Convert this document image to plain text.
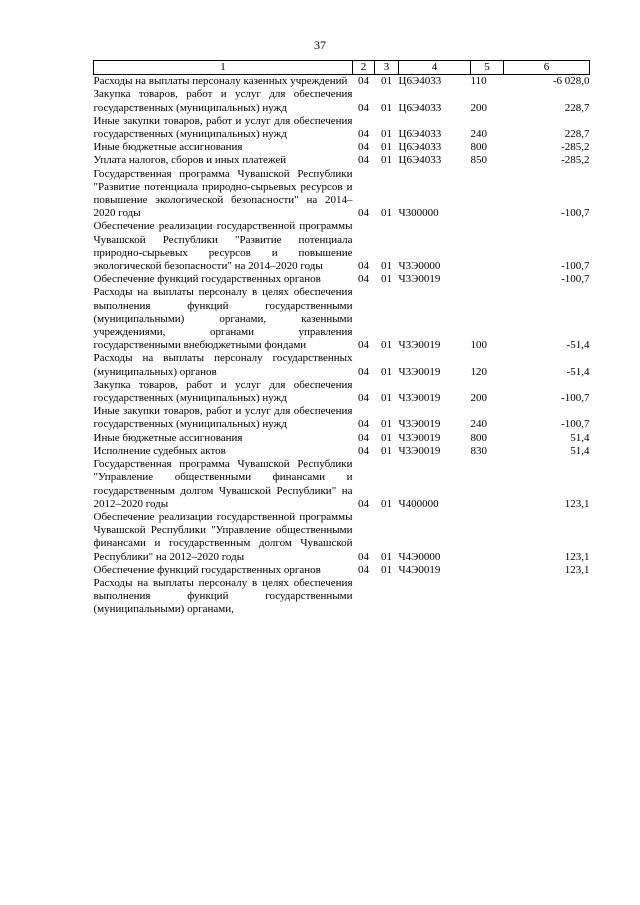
37
1	2	3	4	5	6
Расходы на выплаты персоналу казенных учреждений	04	01	Ц6Э4033	110	-6 028,0
Закупка товаров, работ и услуг для обеспечения государственных (муниципальных) нужд	04	01	Ц6Э4033	200	228,7
Иные закупки товаров, работ и услуг для обеспечения государственных (муниципальных) нужд	04	01	Ц6Э4033	240	228,7
Иные бюджетные ассигнования	04	01	Ц6Э4033	800	-285,2
Уплата налогов, сборов и иных платежей	04	01	Ц6Э4033	850	-285,2
Государственная программа Чувашской Республики "Развитие потенциала природно-сырьевых ресурсов и повышение экологической безопасности" на 2014–2020 годы	04	01	Ч300000		-100,7
Обеспечение реализации государственной программы Чувашской Республики "Развитие потенциала природно-сырьевых ресурсов и повышение экологической безопасности" на 2014–2020 годы	04	01	Ч3Э0000		-100,7
Обеспечение функций государственных органов	04	01	Ч3Э0019		-100,7
Расходы на выплаты персоналу в целях обеспечения выполнения функций государственными (муниципальными) органами, казенными учреждениями, органами управления государственными внебюджетными фондами	04	01	Ч3Э0019	100	-51,4
Расходы на выплаты персоналу государственных (муниципальных) органов	04	01	Ч3Э0019	120	-51,4
Закупка товаров, работ и услуг для обеспечения государственных (муниципальных) нужд	04	01	Ч3Э0019	200	-100,7
Иные закупки товаров, работ и услуг для обеспечения государственных (муниципальных) нужд	04	01	Ч3Э0019	240	-100,7
Иные бюджетные ассигнования	04	01	Ч3Э0019	800	51,4
Исполнение судебных актов	04	01	Ч3Э0019	830	51,4
Государственная программа Чувашской Республики "Управление общественными финансами и государственным долгом Чувашской Республики" на 2012–2020 годы	04	01	Ч400000		123,1
Обеспечение реализации государственной программы Чувашской Республики "Управление общественными финансами и государственным долгом Чувашской Республики" на 2012–2020 годы	04	01	Ч4Э0000		123,1
Обеспечение функций государственных органов	04	01	Ч4Э0019		123,1
Расходы на выплаты персоналу в целях обеспечения выполнения функций государственными (муниципальными) органами,					
